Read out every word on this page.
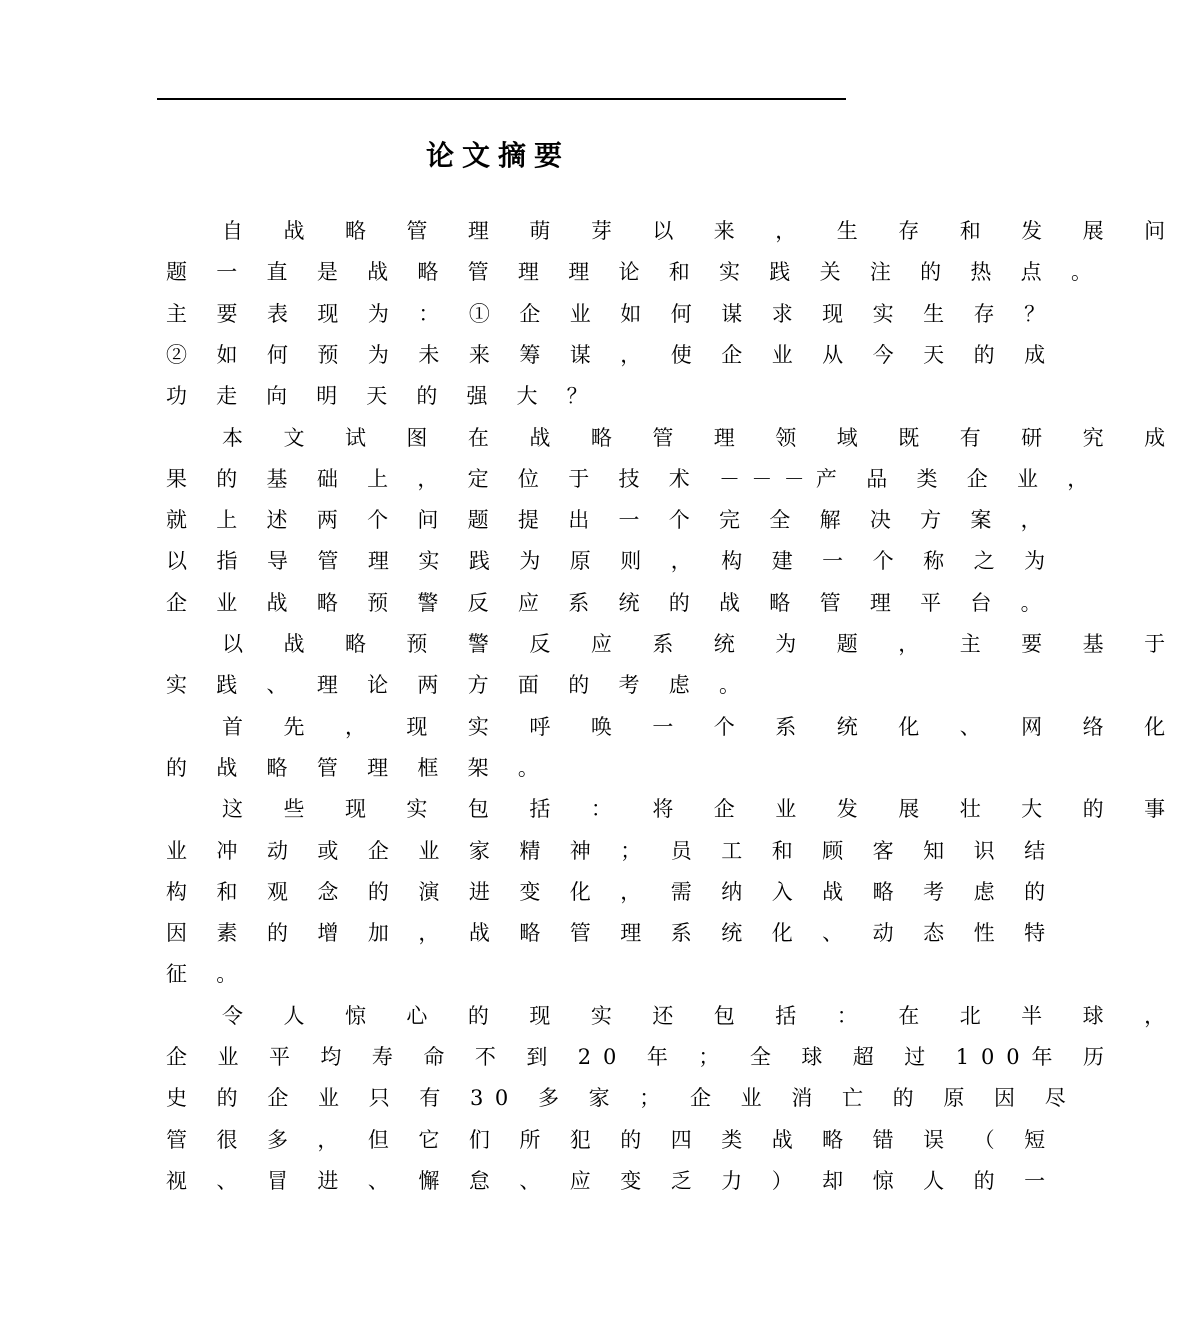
论文摘要
自 战 略 管 理 萌 芽 以 来 ， 生 存 和 发 展 问
题 一 直 是 战 略 管 理 理 论 和 实 践 关 注 的 热 点 。
主 要 表 现 为 ： ① 企 业 如 何 谋 求 现 实 生 存 ？
② 如 何 预 为 未 来 筹 谋 ， 使 企 业 从 今 天 的 成
功 走 向 明 天 的 强 大 ？
本 文 试 图 在 战 略 管 理 领 域 既 有 研 究 成
果 的 基 础 上 ， 定 位 于 技 术 －－－产 品 类 企 业 ，
就 上 述 两 个 问 题 提 出 一 个 完 全 解 决 方 案 ，
以 指 导 管 理 实 践 为 原 则 ， 构 建 一 个 称 之 为
企 业 战 略 预 警 反 应 系 统 的 战 略 管 理 平 台 。
以 战 略 预 警 反 应 系 统 为 题 ， 主 要 基 于
实 践 、 理 论 两 方 面 的 考 虑 。
首 先 ， 现 实 呼 唤 一 个 系 统 化 、 网 络 化
的 战 略 管 理 框 架 。
这 些 现 实 包 括 ： 将 企 业 发 展 壮 大 的 事
业 冲 动 或 企 业 家 精 神 ； 员 工 和 顾 客 知 识 结
构 和 观 念 的 演 进 变 化 ， 需 纳 入 战 略 考 虑 的
因 素 的 增 加 ， 战 略 管 理 系 统 化 、 动 态 性 特
征 。
令 人 惊 心 的 现 实 还 包 括 ： 在 北 半 球 ，
企 业 平 均 寿 命 不 到 20 年 ； 全 球 超 过 100年 历
史 的 企 业 只 有 30 多 家 ； 企 业 消 亡 的 原 因 尽
管 很 多 ， 但 它 们 所 犯 的 四 类 战 略 错 误 （ 短
视 、 冒 进 、 懈 怠 、 应 变 乏 力 ） 却 惊 人 的 一
